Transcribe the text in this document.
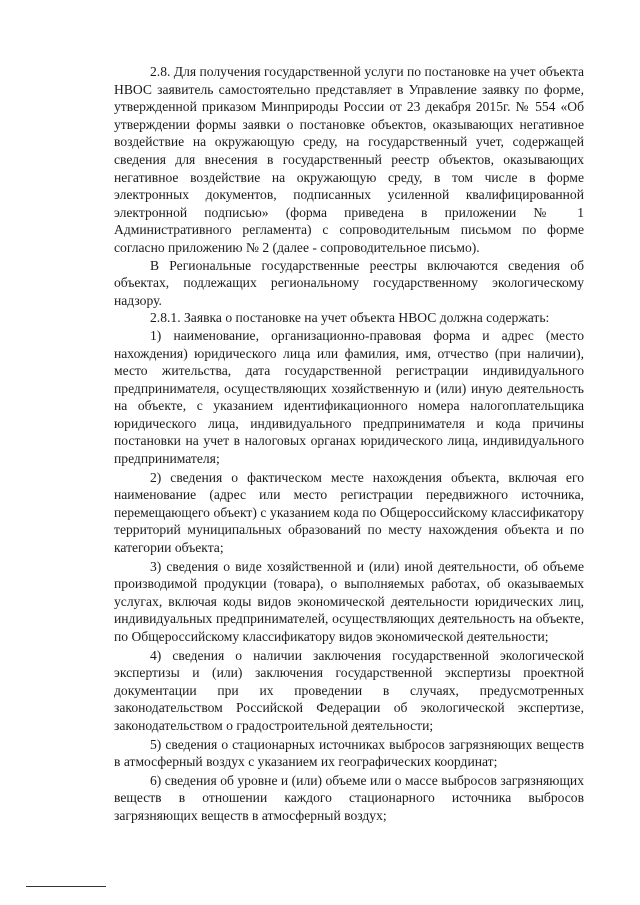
2.8. Для получения государственной услуги по постановке на учет объекта НВОС заявитель самостоятельно представляет в Управление заявку по форме, утвержденной приказом Минприроды России от 23 декабря 2015г. № 554 «Об утверждении формы заявки о постановке объектов, оказывающих негативное воздействие на окружающую среду, на государственный учет, содержащей сведения для внесения в государственный реестр объектов, оказывающих негативное воздействие на окружающую среду, в том числе в форме электронных документов, подписанных усиленной квалифицированной электронной подписью» (форма приведена в приложении № 1 Административного регламента) с сопроводительным письмом по форме согласно приложению № 2 (далее - сопроводительное письмо).

В Региональные государственные реестры включаются сведения об объектах, подлежащих региональному государственному экологическому надзору.

2.8.1. Заявка о постановке на учет объекта НВОС должна содержать:

1) наименование, организационно-правовая форма и адрес (место нахождения) юридического лица или фамилия, имя, отчество (при наличии), место жительства, дата государственной регистрации индивидуального предпринимателя, осуществляющих хозяйственную и (или) иную деятельность на объекте, с указанием идентификационного номера налогоплательщика юридического лица, индивидуального предпринимателя и кода причины постановки на учет в налоговых органах юридического лица, индивидуального предпринимателя;

2) сведения о фактическом месте нахождения объекта, включая его наименование (адрес или место регистрации передвижного источника, перемещающего объект) с указанием кода по Общероссийскому классификатору территорий муниципальных образований по месту нахождения объекта и по категории объекта;

3) сведения о виде хозяйственной и (или) иной деятельности, об объеме производимой продукции (товара), о выполняемых работах, об оказываемых услугах, включая коды видов экономической деятельности юридических лиц, индивидуальных предпринимателей, осуществляющих деятельность на объекте, по Общероссийскому классификатору видов экономической деятельности;

4) сведения о наличии заключения государственной экологической экспертизы и (или) заключения государственной экспертизы проектной документации при их проведении в случаях, предусмотренных законодательством Российской Федерации об экологической экспертизе, законодательством о градостроительной деятельности;

5) сведения о стационарных источниках выбросов загрязняющих веществ в атмосферный воздух с указанием их географических координат;

6) сведения об уровне и (или) объеме или о массе выбросов загрязняющих веществ в отношении каждого стационарного источника выбросов загрязняющих веществ в атмосферный воздух;
